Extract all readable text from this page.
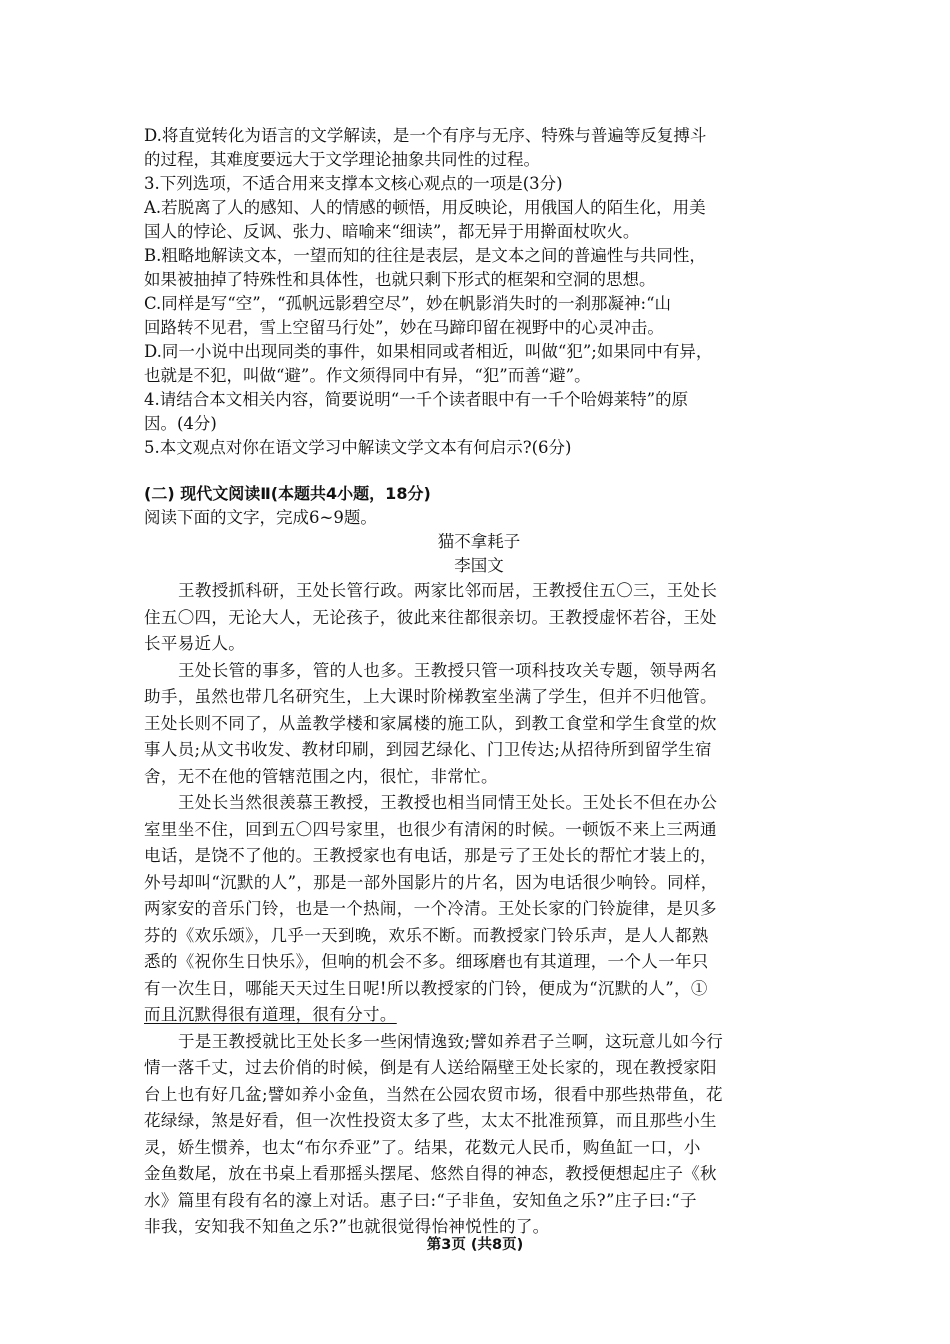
D.将直觉转化为语言的文学解读，是一个有序与无序、特殊与普遍等反复搏斗

的过程，其难度要远大于文学理论抽象共同性的过程。

3.下列选项，不适合用来支撑本文核心观点的一项是(3分)

A.若脱离了人的感知、人的情感的顿悟，用反映论，用俄国人的陌生化，用美

国人的悖论、反讽、张力、暗喻来“细读”，都无异于用擀面杖吹火。

B.粗略地解读文本，一望而知的往往是表层，是文本之间的普遍性与共同性，

如果被抽掉了特殊性和具体性，也就只剩下形式的框架和空洞的思想。

C.同样是写“空”，“孤帆远影碧空尽”，妙在帆影消失时的一刹那凝神:“山

回路转不见君，雪上空留马行处”，妙在马蹄印留在视野中的心灵冲击。

D.同一小说中出现同类的事件，如果相同或者相近，叫做“犯”;如果同中有异，

也就是不犯，叫做“避”。作文须得同中有异，“犯”而善“避”。

4.请结合本文相关内容，简要说明“一千个读者眼中有一千个哈姆莱特”的原

因。(4分)

5.本文观点对你在语文学习中解读文学文本有何启示?(6分)

(二) 现代文阅读Ⅱ(本题共4小题，18分)

阅读下面的文字，完成6~9题。

猫不拿耗子

李国文

王教授抓科研，王处长管行政。两家比邻而居，王教授住五〇三，王处长

住五〇四，无论大人，无论孩子，彼此来往都很亲切。王教授虚怀若谷，王处

长平易近人。

王处长管的事多，管的人也多。王教授只管一项科技攻关专题，领导两名

助手，虽然也带几名研究生，上大课时阶梯教室坐满了学生，但并不归他管。

王处长则不同了，从盖教学楼和家属楼的施工队，到教工食堂和学生食堂的炊

事人员;从文书收发、教材印刷，到园艺绿化、门卫传达;从招待所到留学生宿

舍，无不在他的管辖范围之内，很忙，非常忙。

王处长当然很羡慕王教授，王教授也相当同情王处长。王处长不但在办公

室里坐不住，回到五〇四号家里，也很少有清闲的时候。一顿饭不来上三两通

电话，是饶不了他的。王教授家也有电话，那是亏了王处长的帮忙才装上的，

外号却叫“沉默的人”，那是一部外国影片的片名，因为电话很少响铃。同样，

两家安的音乐门铃，也是一个热闹，一个冷清。王处长家的门铃旋律，是贝多

芬的《欢乐颂》，几乎一天到晚，欢乐不断。而教授家门铃乐声，是人人都熟

悉的《祝你生日快乐》，但响的机会不多。细琢磨也有其道理，一个人一年只

有一次生日，哪能天天过生日呢!所以教授家的门铃，便成为“沉默的人”，①

而且沉默得很有道理，很有分寸。

于是王教授就比王处长多一些闲情逸致;譬如养君子兰啊，这玩意儿如今行

情一落千丈，过去价俏的时候，倒是有人送给隔壁王处长家的，现在教授家阳

台上也有好几盆;譬如养小金鱼，当然在公园农贸市场，很看中那些热带鱼，花

花绿绿，煞是好看，但一次性投资太多了些，太太不批准预算，而且那些小生

灵，娇生惯养，也太“布尔乔亚”了。结果，花数元人民币，购鱼缸一口，小

金鱼数尾，放在书桌上看那摇头摆尾、悠然自得的神态，教授便想起庄子《秋

水》篇里有段有名的濠上对话。惠子曰:“子非鱼，安知鱼之乐?”庄子曰:“子

非我，安知我不知鱼之乐?”也就很觉得怡神悦性的了。

第3页 (共8页)
